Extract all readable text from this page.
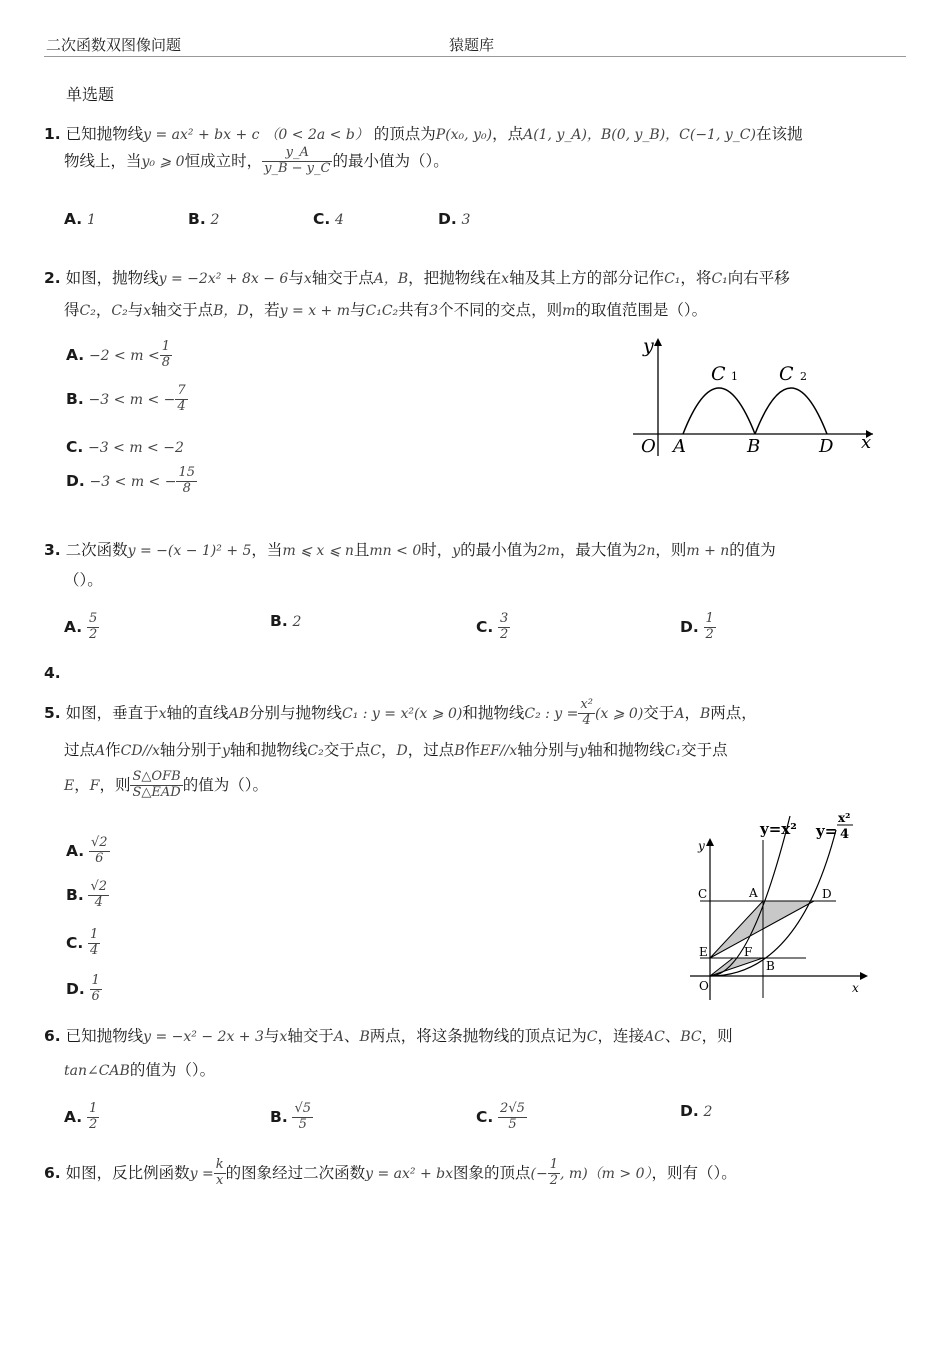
二次函数双图像问题	猿题库
单选题
1. 已知抛物线y = ax² + bx + c （0 < 2a < b） 的顶点为P(x₀, y₀)，点A(1, y_A)，B(0, y_B)，C(−1, y_C)在该抛
物线上，当y₀ ⩾ 0恒成立时， $\frac{y\_A}{y\_B - y\_C}$ 的最小值为（）。
A. 1	B. 2	C. 4	D. 3
2. 如图，抛物线y = −2x² + 8x − 6与x轴交于点A，B，把抛物线在x轴及其上方的部分记作C₁，将C₁向右平移
得C₂，C₂与x轴交于点B，D，若y = x + m与C₁C₂共有3个不同的交点，则m的取值范围是（）。
A. $-2 < m < \frac{1}{8}$
B. −3 < m < − $\frac{7}{4}$
C. −3 < m < −2
D. −3 < m < − $\frac{15}{8}$
y
x
O A	B	D
C 1 C 2
3. 二次函数y = −(x − 1)² + 5，当m ⩽ x ⩽ n且mn < 0时，y的最小值为2m，最大值为2n，则m + n的值为
（）。
A. $\frac{5}{2}$	B. 2	C. $\frac{3}{2}$	D. $\frac{1}{2}$
4.
5. 如图，垂直于x轴的直线AB分别与抛物线C₁ : y = x²(x ⩾ 0)和抛物线C₂ : $y = \frac{\text{x²}}{4} (x$ ⩾ 0)交于A，B两点，
过点A作CD//x轴分别于y轴和抛物线C₂交于点C，D，过点B作EF//x轴分别与y轴和抛物线C₁交于点
E，F，则 $\frac{\text{S△OFB}}{\text{S△EAD}}$ 的值为（）。
A. $\frac{√2}{6}$
B. $\frac{√2}{4}$
C. $\frac{1}{4}$
D. $\frac{1}{6}$
y=x² y=
x²
4
y
x
O
C	A	D
E	F
B
6. 已知抛物线y = −x² − 2x + 3与x轴交于A、B两点，将这条抛物线的顶点记为C，连接AC、BC，则
tan∠CAB的值为（）。
A. $\frac{1}{2}$	B. $\frac{√5}{5}$	C. $\frac{2√5}{5}$	D. 2
6. 如图，反比例函数$y = \frac{k}{x}$ 的图象经过二次函数y = ax² + bx图象的顶点(− $\frac{1}{2}$ , m)（m > 0），则有（）。
